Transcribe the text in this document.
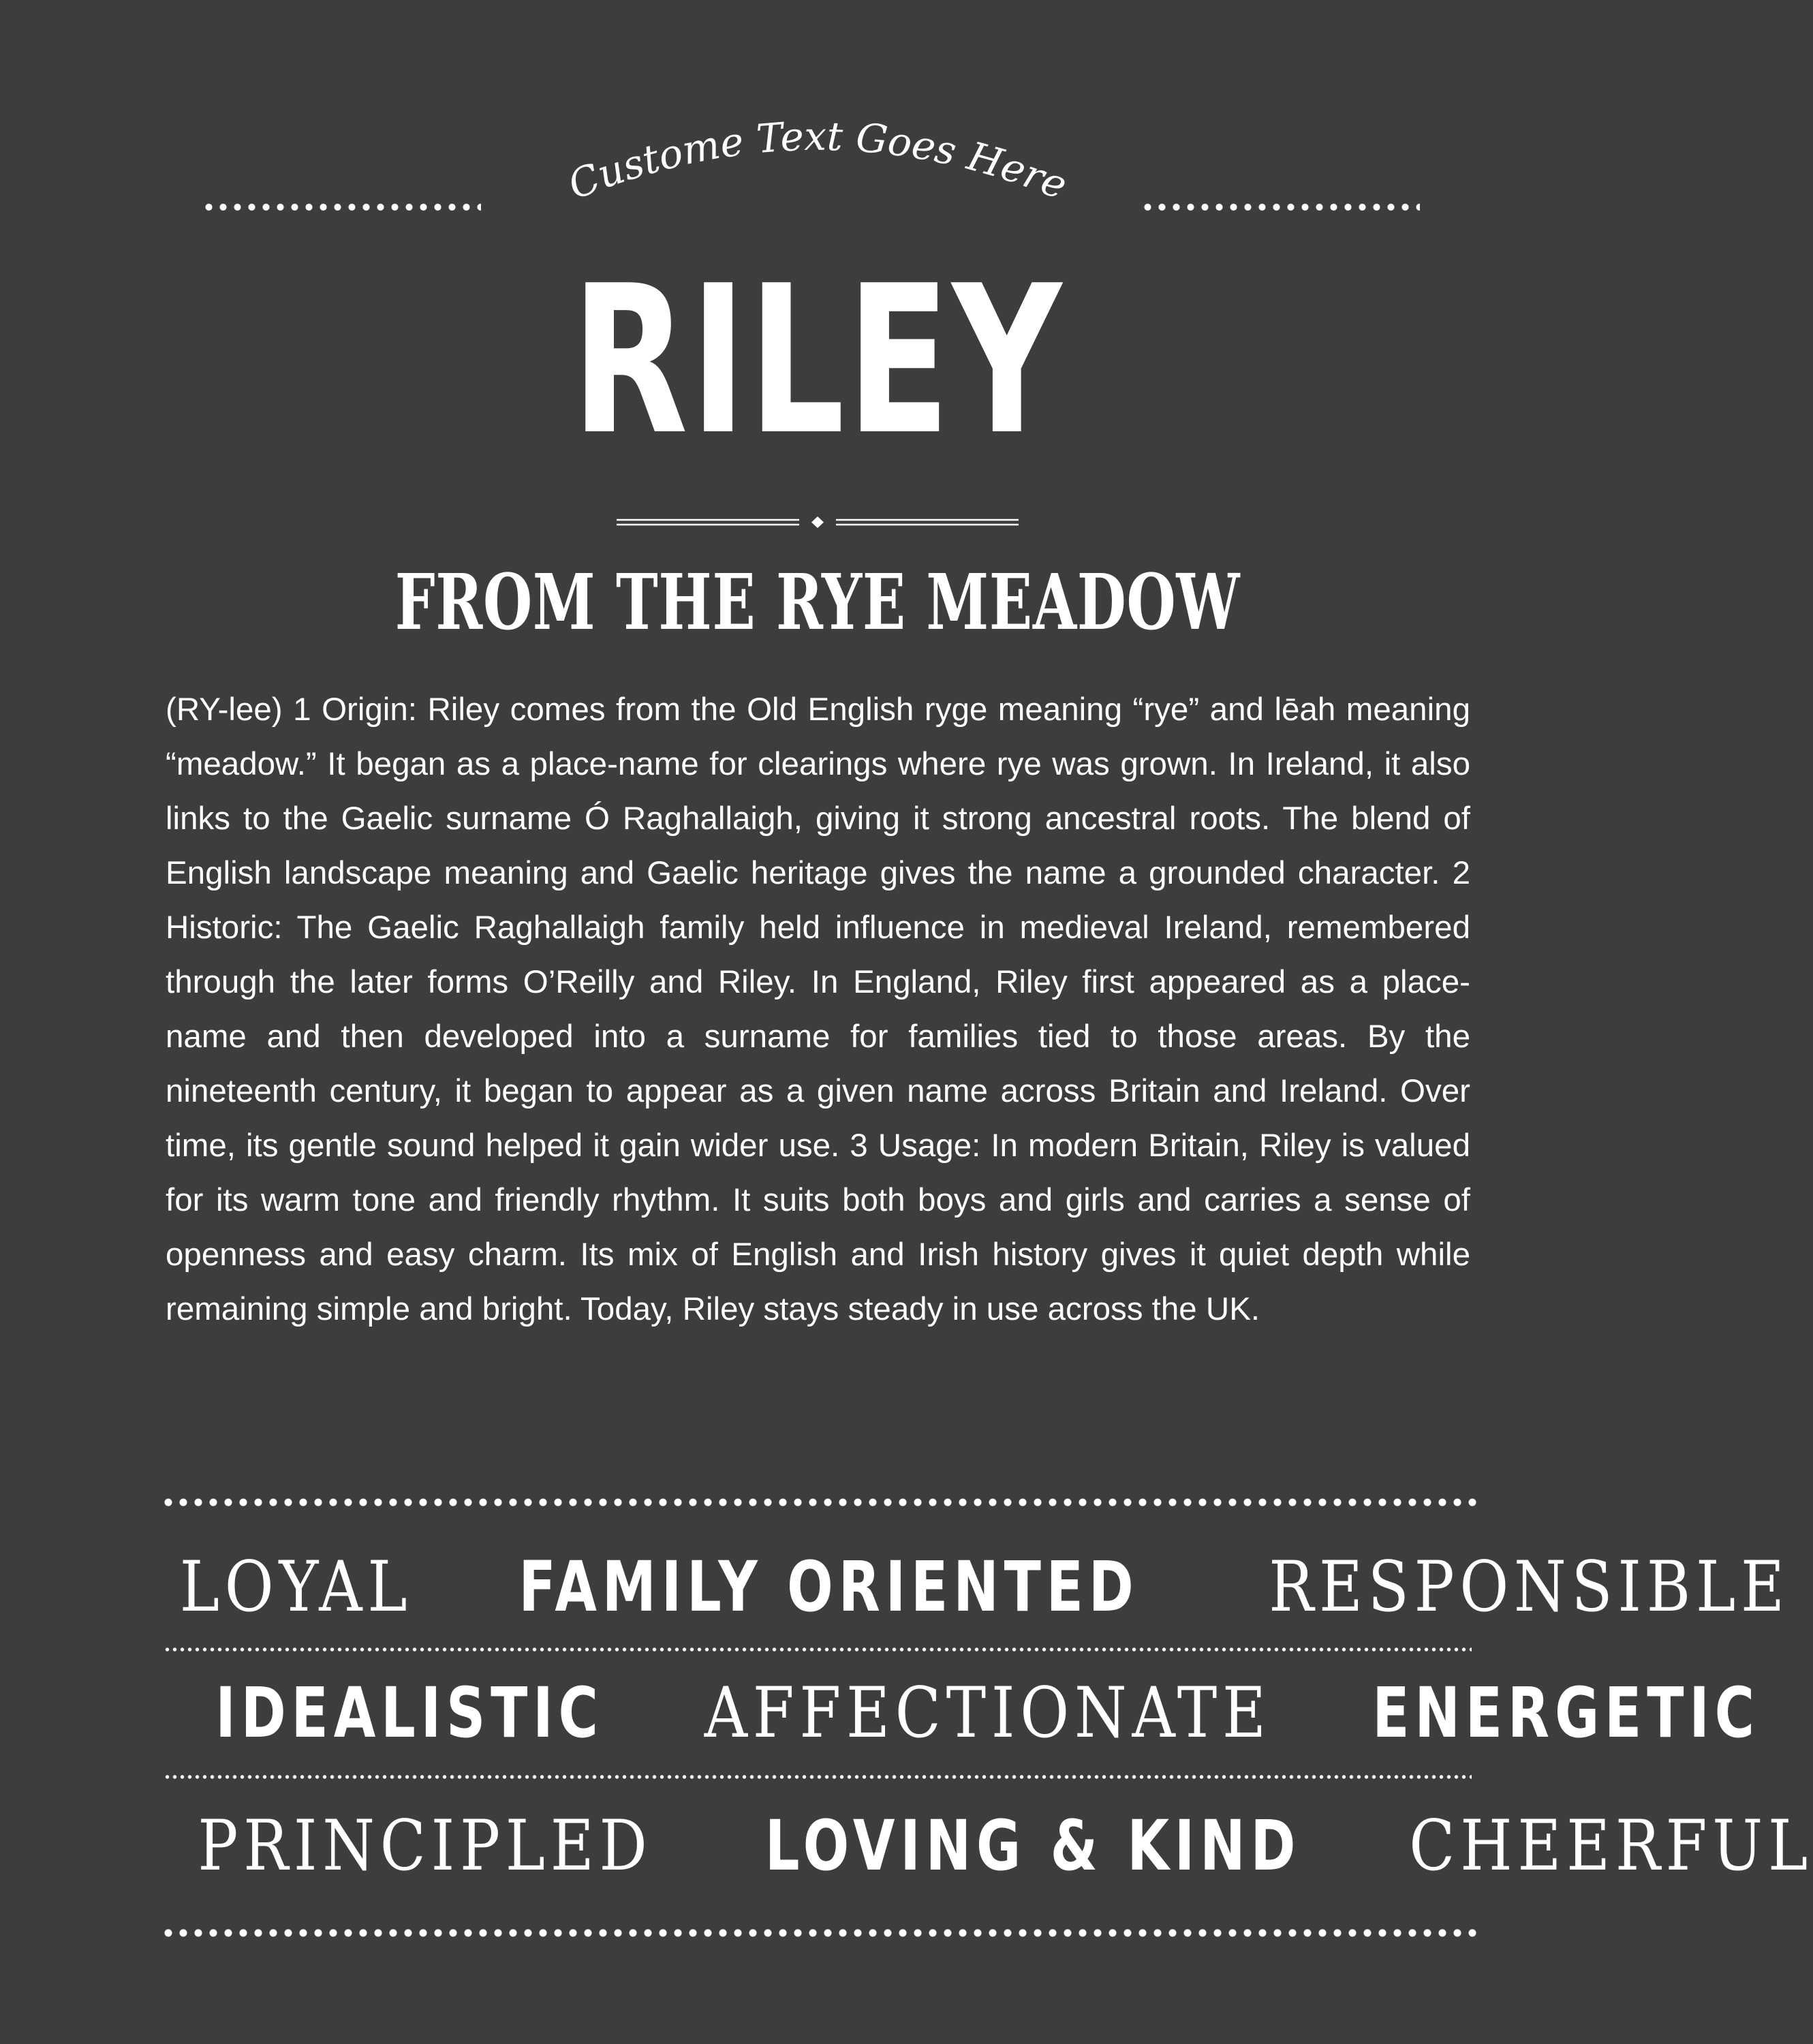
Custome Text Goes Here
RILEY
FROM THE RYE MEADOW
(RY-lee) 1 Origin: Riley comes from the Old English ryge meaning “rye” and lēah meaning “meadow.” It began as a place-name for clearings where rye was grown. In Ireland, it also links to the Gaelic surname Ó Raghallaigh, giving it strong ancestral roots. The blend of English landscape meaning and Gaelic heritage gives the name a grounded character. 2 Historic: The Gaelic Raghallaigh family held influence in medieval Ireland, remembered through the later forms O’Reilly and Riley. In England, Riley first appeared as a place-name and then developed into a surname for families tied to those areas. By the nineteenth century, it began to appear as a given name across Britain and Ireland. Over time, its gentle sound helped it gain wider use. 3 Usage: In modern Britain, Riley is valued for its warm tone and friendly rhythm. It suits both boys and girls and carries a sense of openness and easy charm. Its mix of English and Irish history gives it quiet depth while remaining simple and bright. Today, Riley stays steady in use across the UK.
LOYAL FAMILY ORIENTED RESPONSIBLE
IDEALISTIC AFFECTIONATE ENERGETIC
PRINCIPLED LOVING & KIND CHEERFUL
